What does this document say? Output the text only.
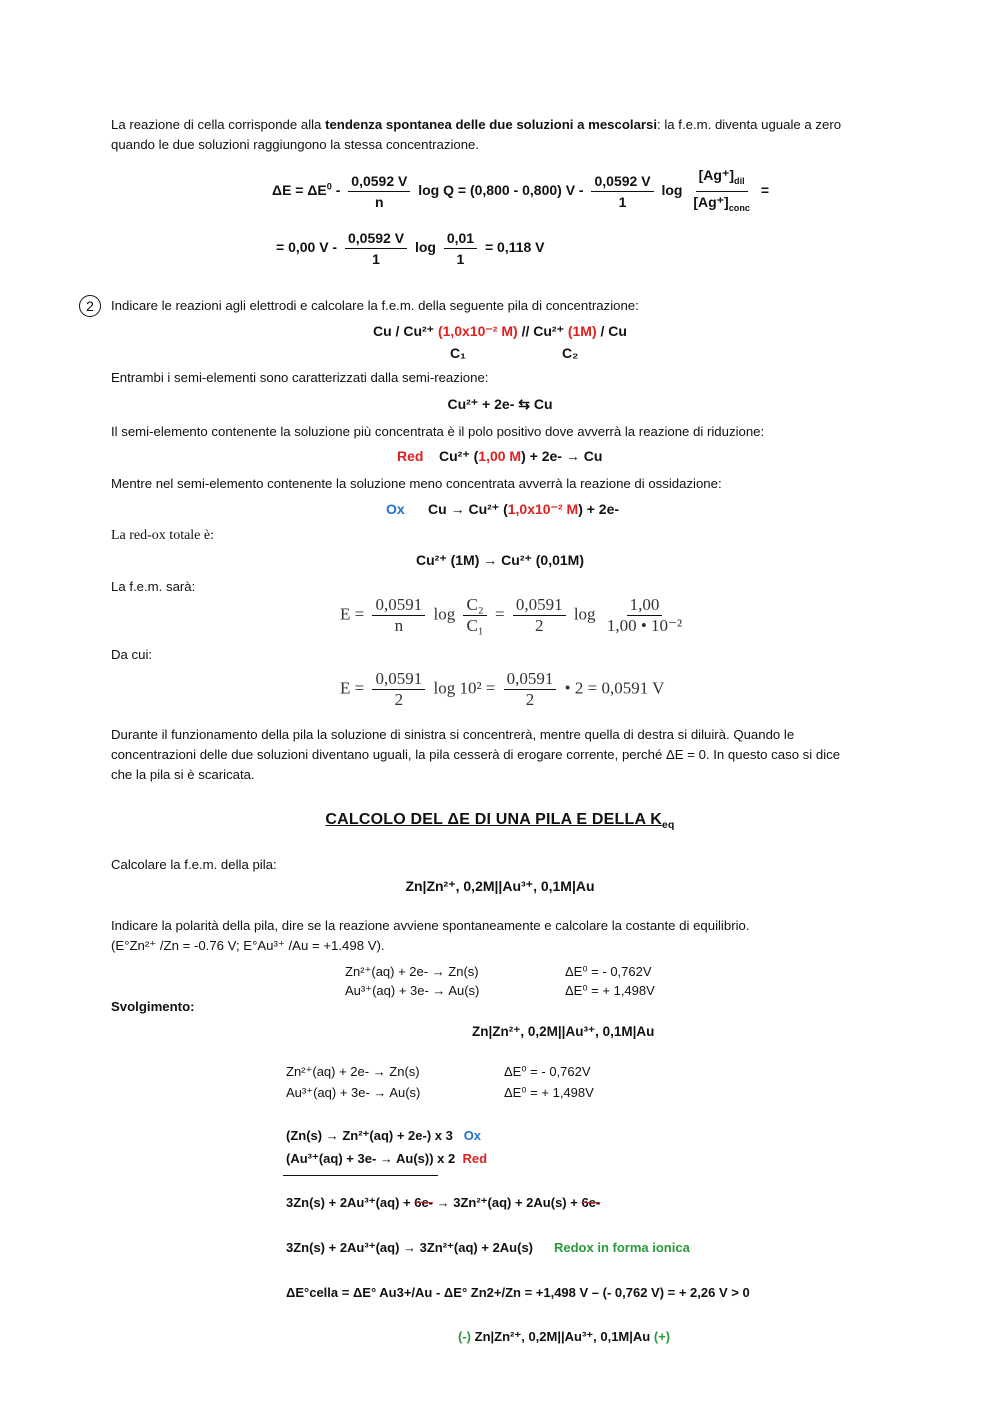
La reazione di cella corrisponde alla tendenza spontanea delle due soluzioni a mescolarsi: la f.e.m. diventa uguale a zero
quando le due soluzioni raggiungono la stessa concentrazione.
$\Delta E = \Delta E^0 - \frac{0,0592 V}{n}$ log Q = (0,800 - 0,800) V - $\frac{0,0592 V}{1}$ $\log \frac{[Ag^+]_{dil}}{[Ag^+]_{conc}}$ =
= 0,00 V - $\frac{0,0592 V}{1}$ $\log \frac{0,01}{1} = 0,118$ V
2	Indicare le reazioni agli elettrodi e calcolare la f.e.m. della seguente pila di concentrazione:
Cu / Cu²⁺ (1,0x10⁻² M) // Cu²⁺ (1M) / Cu
C₁	C₂
Entrambi i semi-elementi sono caratterizzati dalla semi-reazione:
Cu²⁺ + 2e- ⇆ Cu
Il semi-elemento contenente la soluzione più concentrata è il polo positivo dove avverrà la reazione di riduzione:
Red Cu²⁺ (1,00 M) + 2e- → Cu
Mentre nel semi-elemento contenente la soluzione meno concentrata avverrà la reazione di ossidazione:
Ox Cu → Cu²⁺ (1,0x10⁻² M) + 2e-
La red-ox totale è:
Cu²⁺ (1M) → Cu²⁺ (0,01M)
La f.e.m. sarà:
$E = \frac{0,0591}{n}$ $\log \frac{\text{C₂}}{\text{C₁}} = \frac{0,0591}{2}$ $\log \frac{1,00}{\text{1,00 • 10⁻²}}$
Da cui:
$E = \frac{0,0591}{2}$ $\log 10^2 = \frac{0,0591}{2}$ • 2 = 0,0591 V
Durante il funzionamento della pila la soluzione di sinistra si concentrerà, mentre quella di destra si diluirà. Quando le
concentrazioni delle due soluzioni diventano uguali, la pila cesserà di erogare corrente, perché ΔE = 0. In questo caso si dice
che la pila si è scaricata.
CALCOLO DEL ΔE DI UNA PILA E DELLA $K_{eq}$
Calcolare la f.e.m. della pila:
Zn|Zn²⁺, 0,2M||Au³⁺, 0,1M|Au
Indicare la polarità della pila, dire se la reazione avviene spontaneamente e calcolare la costante di equilibrio.
(E°Zn²⁺ /Zn = -0.76 V; E°Au³⁺ /Au = +1.498 V).
Zn²⁺(aq) + 2e- → Zn(s)
Au³⁺(aq) + 3e- → Au(s)
ΔE⁰ = - 0,762V
ΔE⁰ = + 1,498V
Svolgimento:
Zn|Zn²⁺, 0,2M||Au³⁺, 0,1M|Au
Zn²⁺(aq) + 2e- → Zn(s)
Au³⁺(aq) + 3e- → Au(s)
ΔE⁰ = - 0,762V
ΔE⁰ = + 1,498V
(Zn(s) → Zn²⁺(aq) + 2e-) x 3 Ox
(Au³⁺(aq) + 3e- → Au(s)) x 2 Red
3Zn(s) + 2Au³⁺(aq) + 6e- → 3Zn²⁺(aq) + 2Au(s) + 6e-
3Zn(s) + 2Au³⁺(aq) → 3Zn²⁺(aq) + 2Au(s) Redox in forma ionica
ΔE°cella = ΔE° Au3+/Au - ΔE° Zn2+/Zn = +1,498 V – (- 0,762 V) = + 2,26 V > 0
(-) Zn|Zn²⁺, 0,2M||Au³⁺, 0,1M|Au (+)
